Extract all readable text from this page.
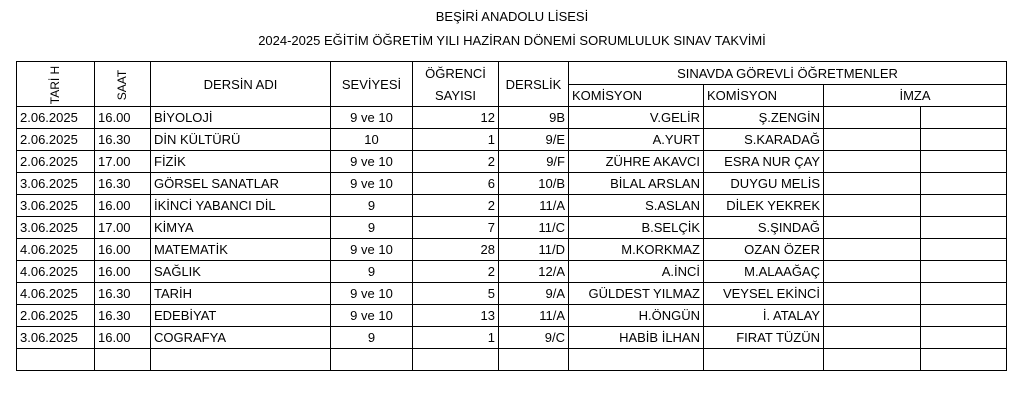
BEŞİRİ ANADOLU LİSESİ
2024-2025 EĞİTİM ÖĞRETİM YILI HAZİRAN DÖNEMİ SORUMLULUK SINAV TAKVİMİ
TARİ H	SAAT	DERSİN ADI	SEVİYESİ	ÖĞRENCİ	DERSLİK	SINAVDA GÖREVLİ ÖĞRETMENLER			
				SAYISI		KOMİSYON	KOMİSYON	İMZA	
2.06.2025	16.00	BİYOLOJİ	9 ve 10	12	9B	V.GELİR	Ş.ZENGİN		
2.06.2025	16.30	DİN KÜLTÜRÜ	10	1	9/E	A.YURT	S.KARADAĞ		
2.06.2025	17.00	FİZİK	9 ve 10	2	9/F	ZÜHRE AKAVCI	ESRA NUR ÇAY		
3.06.2025	16.30	GÖRSEL SANATLAR	9 ve 10	6	10/B	BİLAL ARSLAN	DUYGU MELİS		
3.06.2025	16.00	İKİNCİ YABANCI DİL	9	2	11/A	S.ASLAN	DİLEK YEKREK		
3.06.2025	17.00	KİMYA	9	7	11/C	B.SELÇİK	S.ŞINDAĞ		
4.06.2025	16.00	MATEMATİK	9 ve 10	28	11/D	M.KORKMAZ	OZAN ÖZER		
4.06.2025	16.00	SAĞLIK	9	2	12/A	A.İNCİ	M.ALAAĞAÇ		
4.06.2025	16.30	TARİH	9 ve 10	5	9/A	GÜLDEST YILMAZ	VEYSEL EKİNCİ		
2.06.2025	16.30	EDEBİYAT	9 ve 10	13	11/A	H.ÖNGÜN	İ. ATALAY		
3.06.2025	16.00	COGRAFYA	9	1	9/C	HABİB İLHAN	FIRAT TÜZÜN		
